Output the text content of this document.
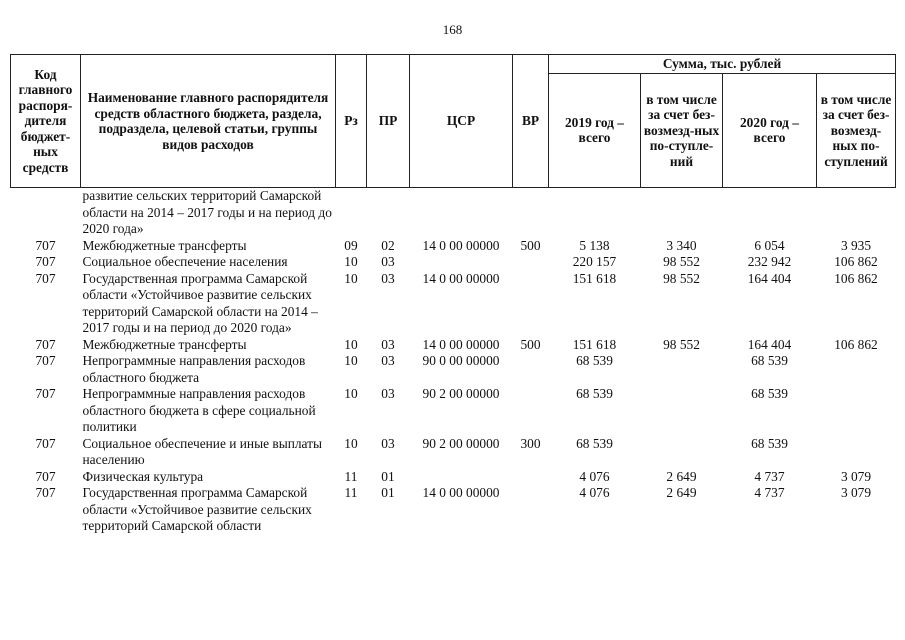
168
Код главного распоря-дителя бюджет-ных средств	Наименование главного распорядителя средств областного бюджета, раздела, подраздела, целевой статьи, группы видов расходов	Рз	ПР	ЦСР	ВР	Сумма, тыс. рублей			
						2019 год – всего	в том числе за счет без-возмезд-ных по-ступле-ний	2020 год – всего	в том числе за счет без-возмезд-ных по-ступлений
	развитие сельских территорий Самарской области на 2014 – 2017 годы и на период до 2020 года»								
707	Межбюджетные трансферты	09	02	14 0 00 00000	500	5 138	3 340	6 054	3 935
707	Социальное обеспечение населения	10	03			220 157	98 552	232 942	106 862
707	Государственная программа Самарской области «Устойчивое развитие сельских территорий Самарской области на 2014 – 2017 годы и на период до 2020 года»	10	03	14 0 00 00000		151 618	98 552	164 404	106 862
707	Межбюджетные трансферты	10	03	14 0 00 00000	500	151 618	98 552	164 404	106 862
707	Непрограммные направления расходов областного бюджета	10	03	90 0 00 00000		68 539		68 539	
707	Непрограммные направления расходов областного бюджета в сфере социальной политики	10	03	90 2 00 00000		68 539		68 539	
707	Социальное обеспечение и иные выплаты населению	10	03	90 2 00 00000	300	68 539		68 539	
707	Физическая культура	11	01			4 076	2 649	4 737	3 079
707	Государственная программа Самарской области «Устойчивое развитие сельских территорий Самарской области	11	01	14 0 00 00000		4 076	2 649	4 737	3 079
